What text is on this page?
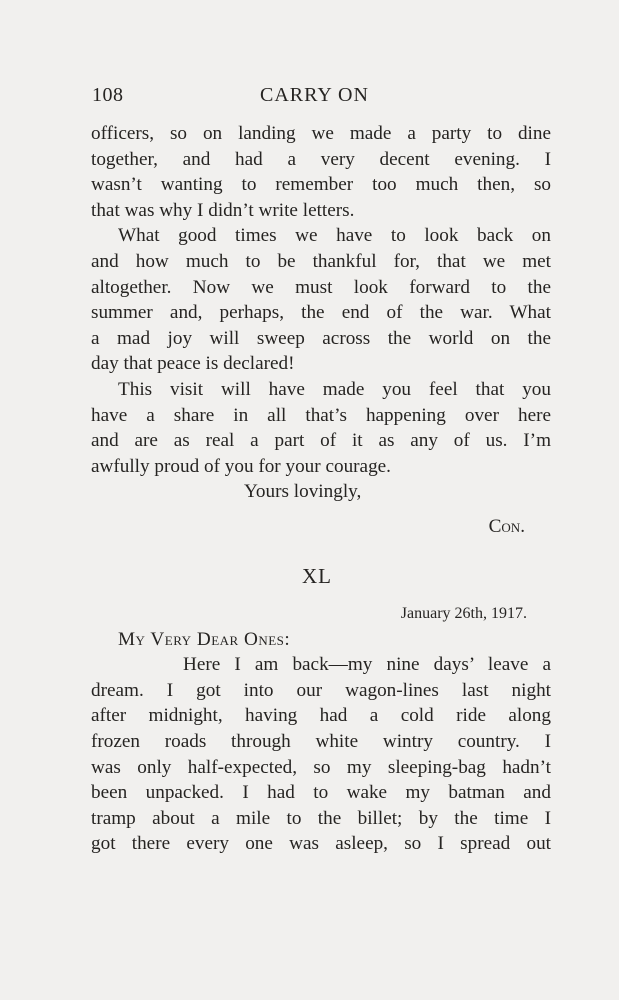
108	CARRY ON
officers, so on landing we made a party to dine
together, and had a very decent evening. I
wasn’t wanting to remember too much then, so
that was why I didn’t write letters.
What good times we have to look back on
and how much to be thankful for, that we met
altogether. Now we must look forward to the
summer and, perhaps, the end of the war. What
a mad joy will sweep across the world on the
day that peace is declared!
This visit will have made you feel that you
have a share in all that’s happening over here
and are as real a part of it as any of us. I’m
awfully proud of you for your courage.
Yours lovingly,
Con.
XL
January 26th, 1917.
My Very Dear Ones:
Here I am back—my nine days’ leave a
dream. I got into our wagon-lines last night
after midnight, having had a cold ride along
frozen roads through white wintry country. I
was only half-expected, so my sleeping-bag hadn’t
been unpacked. I had to wake my batman and
tramp about a mile to the billet; by the time I
got there every one was asleep, so I spread out
